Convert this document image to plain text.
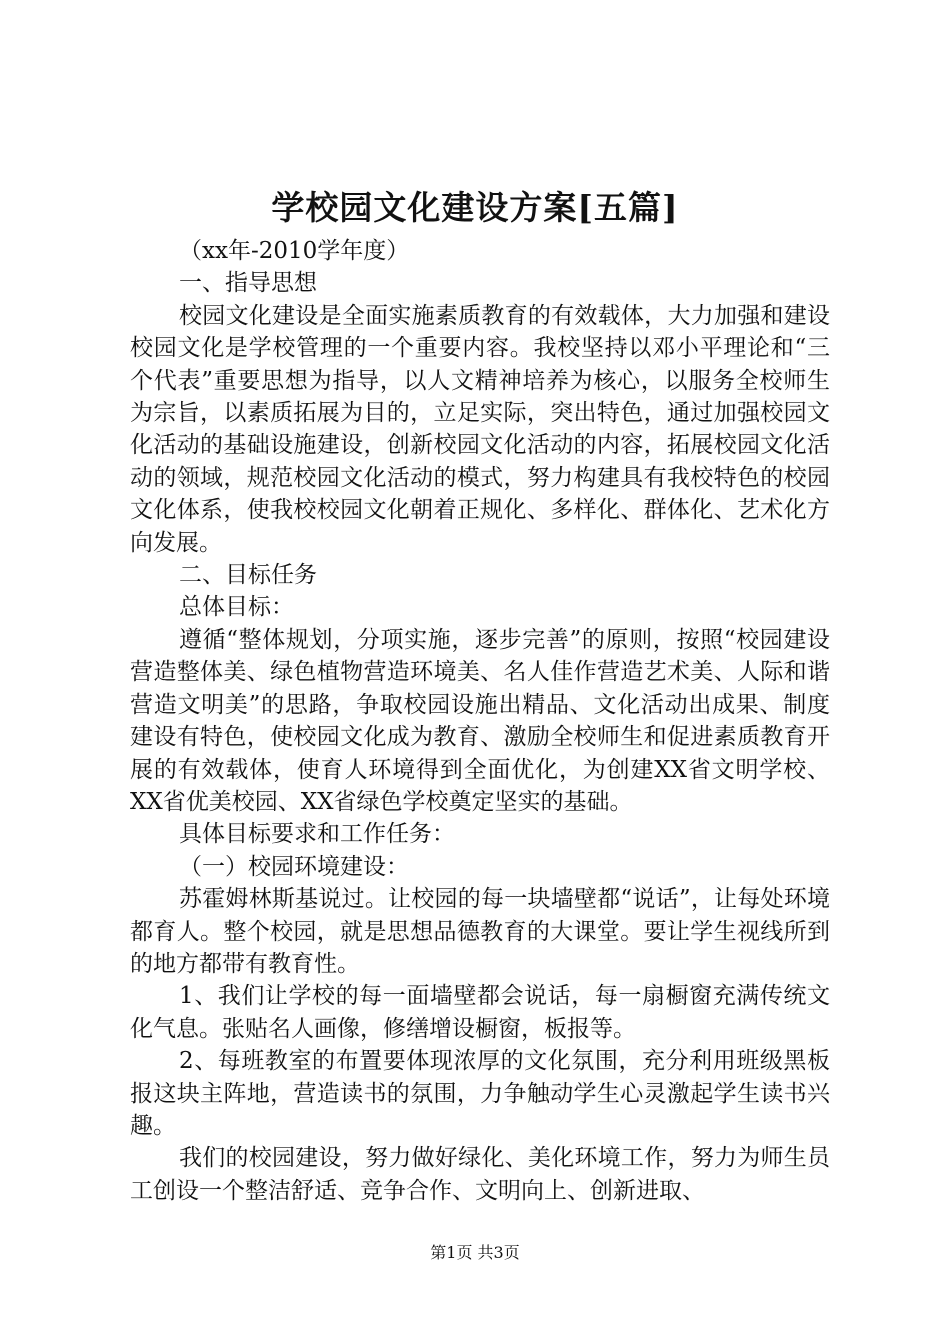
学校园文化建设方案[五篇]

（xx年-2010学年度）

一、指导思想

校园文化建设是全面实施素质教育的有效载体，大力加强和建设校园文化是学校管理的一个重要内容。我校坚持以邓小平理论和“三个代表”重要思想为指导，以人文精神培养为核心，以服务全校师生为宗旨，以素质拓展为目的，立足实际，突出特色，通过加强校园文化活动的基础设施建设，创新校园文化活动的内容，拓展校园文化活动的领域，规范校园文化活动的模式，努力构建具有我校特色的校园文化体系，使我校校园文化朝着正规化、多样化、群体化、艺术化方向发展。

二、目标任务

总体目标：

遵循“整体规划，分项实施，逐步完善”的原则，按照“校园建设营造整体美、绿色植物营造环境美、名人佳作营造艺术美、人际和谐营造文明美”的思路，争取校园设施出精品、文化活动出成果、制度建设有特色，使校园文化成为教育、激励全校师生和促进素质教育开展的有效载体，使育人环境得到全面优化，为创建XX省文明学校、XX省优美校园、XX省绿色学校奠定坚实的基础。

具体目标要求和工作任务：

（一）校园环境建设：

苏霍姆林斯基说过。让校园的每一块墙壁都“说话”，让每处环境都育人。整个校园，就是思想品德教育的大课堂。要让学生视线所到的地方都带有教育性。

1、我们让学校的每一面墙壁都会说话，每一扇橱窗充满传统文化气息。张贴名人画像，修缮增设橱窗，板报等。

2、每班教室的布置要体现浓厚的文化氛围，充分利用班级黑板报这块主阵地，营造读书的氛围，力争触动学生心灵激起学生读书兴趣。

我们的校园建设，努力做好绿化、美化环境工作，努力为师生员工创设一个整洁舒适、竞争合作、文明向上、创新进取、

第1页 共3页
